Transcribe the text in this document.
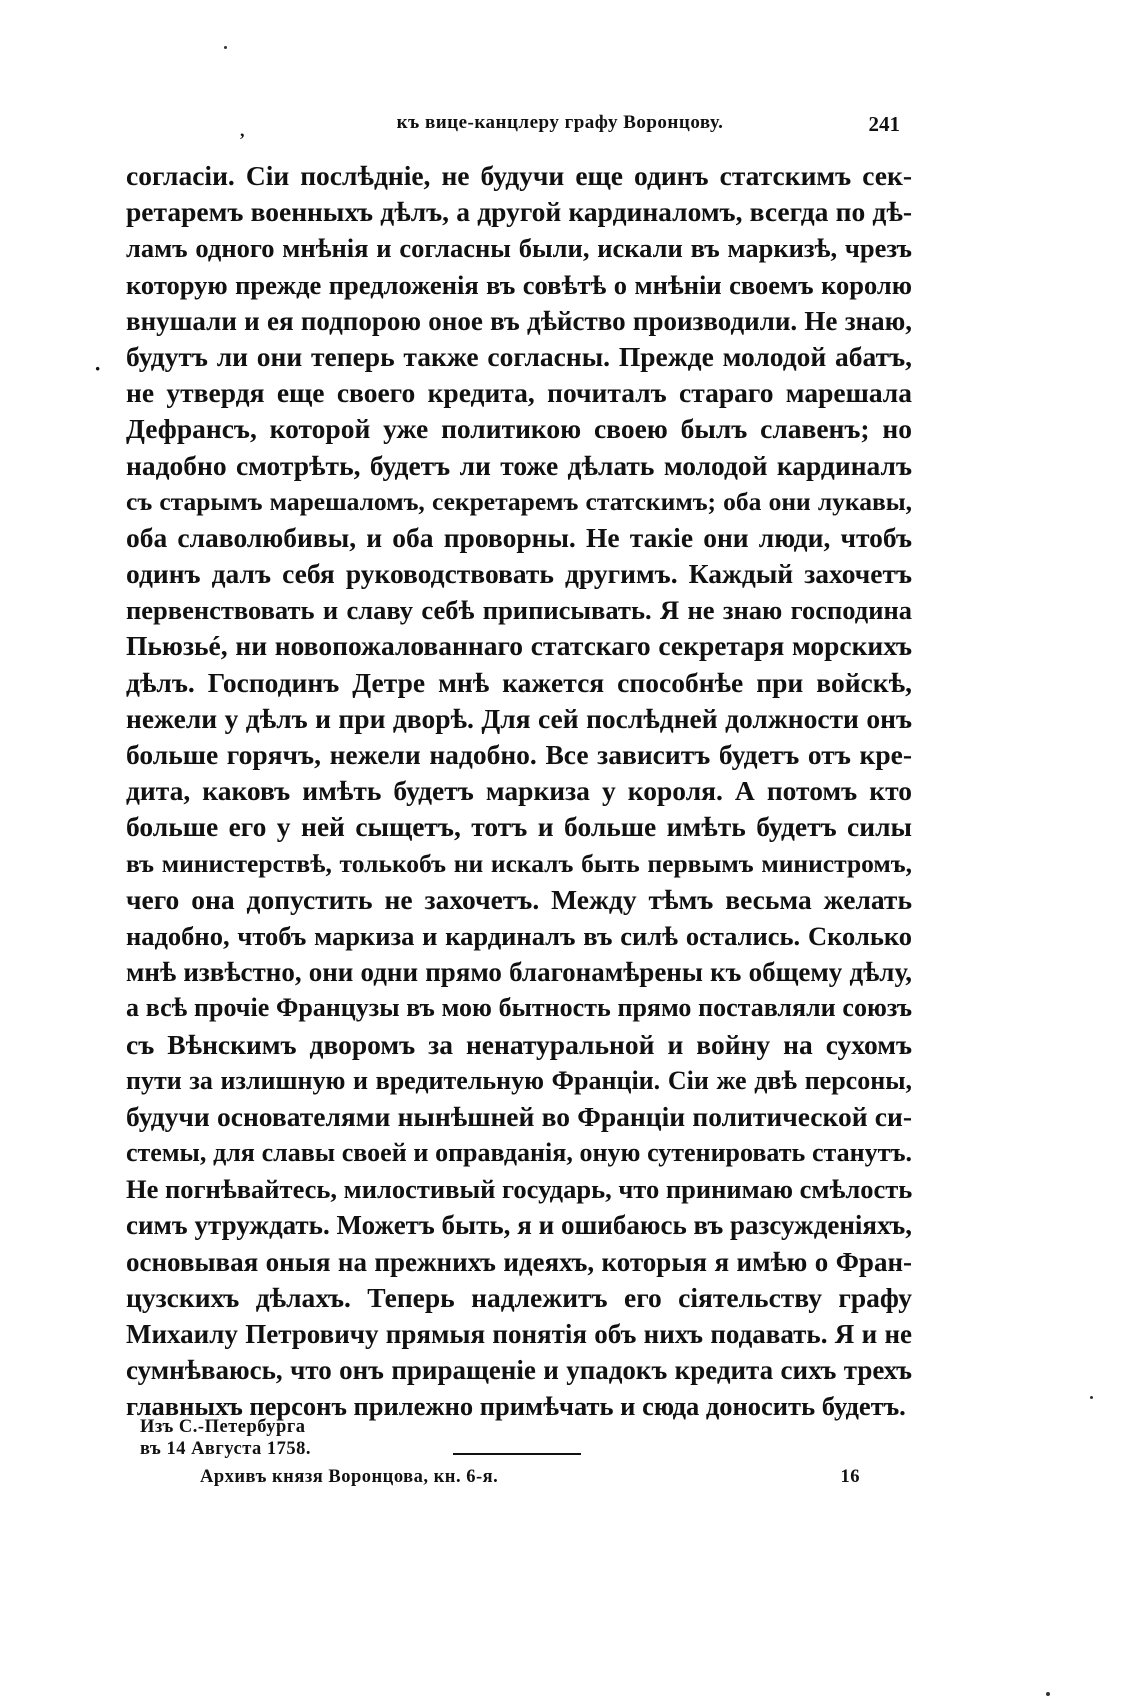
,	къ вице-канцлеру графу Воронцову.	241
·
согласіи. Сіи послѣдніе, не будучи еще одинъ статскимъ сек-
ретаремъ военныхъ дѣлъ, а другой кардиналомъ, всегда по дѣ-
ламъ одного мнѣнія и согласны были, искали въ маркизѣ, чрезъ
которую прежде предложенія въ совѣтѣ о мнѣніи своемъ королю
внушали и ея подпорою оное въ дѣйство производили. Не знаю,
будутъ ли они теперь также согласны. Прежде молодой абатъ,
не утвердя еще своего кредита, почиталъ стараго марешала
Дефрансъ, которой уже политикою своею былъ славенъ; но
надобно смотрѣть, будетъ ли тоже дѣлать молодой кардиналъ
съ старымъ марешаломъ, секретаремъ статскимъ; оба они лукавы,
оба славолюбивы, и оба проворны. Не такіе они люди, чтобъ
одинъ далъ себя руководствовать другимъ. Каждый захочетъ
первенствовать и славу себѣ приписывать. Я не знаю господина
Пьюзьé, ни новопожалованнаго статскаго секретаря морскихъ
дѣлъ. Господинъ Детре мнѣ кажется способнѣе при войскѣ,
нежели у дѣлъ и при дворѣ. Для сей послѣдней должности онъ
больше горячъ, нежели надобно. Все зависитъ будетъ отъ кре-
дита, каковъ имѣть будетъ маркиза у короля. А потомъ кто
больше его у ней сыщетъ, тотъ и больше имѣть будетъ силы
въ министерствѣ, толькобъ ни искалъ быть первымъ министромъ,
чего она допустить не захочетъ. Между тѣмъ весьма желать
надобно, чтобъ маркиза и кардиналъ въ силѣ остались. Сколько
мнѣ извѣстно, они одни прямо благонамѣрены къ общему дѣлу,
а всѣ прочіе Французы въ мою бытность прямо поставляли союзъ
съ Вѣнскимъ дворомъ за ненатуральной и войну на сухомъ
пути за излишную и вредительную Франціи. Сіи же двѣ персоны,
будучи основателями нынѣшней во Франціи политической си-
стемы, для славы своей и оправданія, оную сутенировать станутъ.
Не погнѣвайтесь, милостивый государь, что принимаю смѣлость
симъ утруждать. Можетъ быть, я и ошибаюсь въ разсужденіяхъ,
основывая оныя на прежнихъ идеяхъ, которыя я имѣю о Фран-
цузскихъ дѣлахъ. Теперь надлежитъ его сіятельству графу
Михаилу Петровичу прямыя понятія объ нихъ подавать. Я и не
сумнѣваюсь, что онъ приращеніе и упадокъ кредита сихъ трехъ
главныхъ персонъ прилежно примѣчать и сюда доносить будетъ.
Изъ С.-Петербурга
въ 14 Августа 1758.
Архивъ князя Воронцова, кн. 6-я.	16
